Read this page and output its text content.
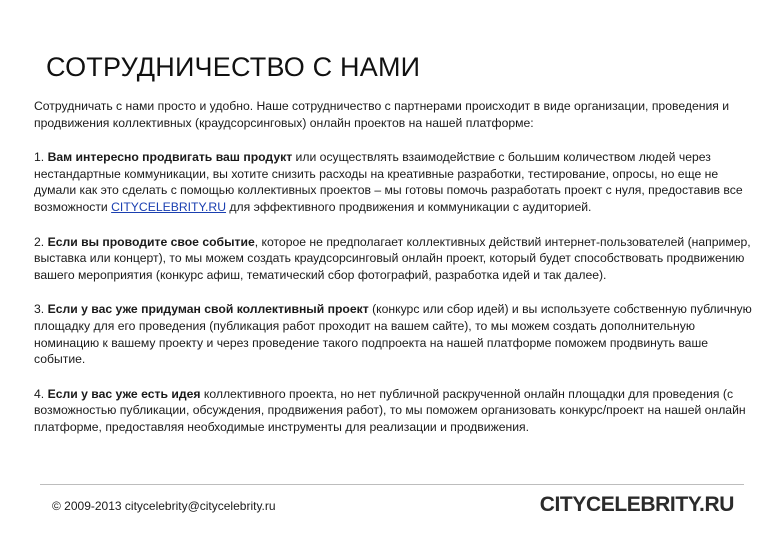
СОТРУДНИЧЕСТВО С НАМИ

Сотрудничать с нами просто и удобно. Наше сотрудничество с партнерами происходит в виде организации, проведения и продвижения коллективных (краудсорсинговых) онлайн проектов на нашей платформе:

1. Вам интересно продвигать ваш продукт или осуществлять взаимодействие с большим количеством людей через нестандартные коммуникации, вы хотите снизить расходы на креативные разработки, тестирование, опросы, но еще не думали как это сделать с помощью коллективных проектов – мы готовы помочь разработать проект с нуля, предоставив все возможности CITYCELEBRITY.RU для эффективного продвижения и коммуникации с аудиторией.

2. Если вы проводите свое событие, которое не предполагает коллективных действий интернет-пользователей (например, выставка или концерт), то мы можем создать краудсорсинговый онлайн проект, который будет способствовать продвижению вашего мероприятия (конкурс афиш, тематический сбор фотографий, разработка идей и так далее).

3. Если у вас уже придуман свой коллективный проект (конкурс или сбор идей) и вы используете собственную публичную площадку для его проведения (публикация работ проходит на вашем сайте), то мы можем создать дополнительную номинацию к вашему проекту и через проведение такого подпроекта на нашей платформе поможем продвинуть ваше событие.

4. Если у вас уже есть идея коллективного проекта, но нет публичной раскрученной онлайн площадки для проведения (с возможностью публикации, обсуждения, продвижения работ), то мы поможем организовать конкурс/проект на нашей онлайн платформе, предоставляя необходимые инструменты для реализации и продвижения.

© 2009-2013 citycelebrity@citycelebrity.ru	CITYCELEBRITY.RU
